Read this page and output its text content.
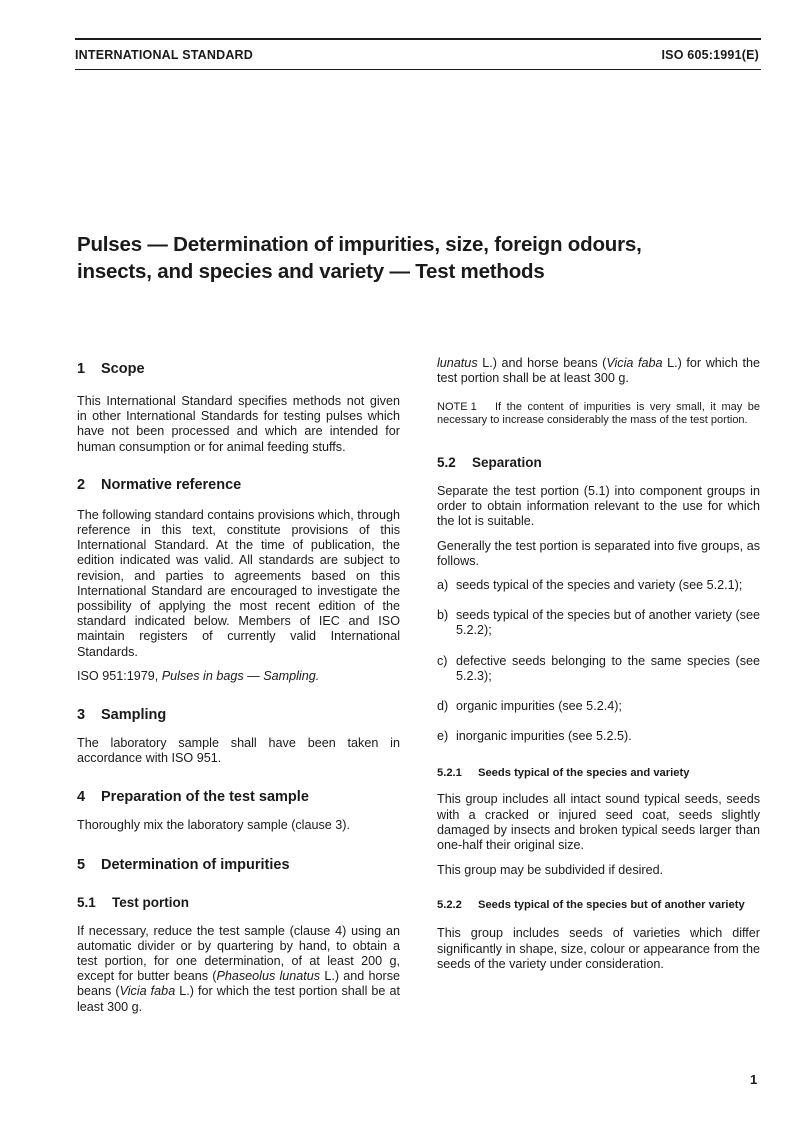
INTERNATIONAL STANDARD	ISO 605:1991(E)
Pulses — Determination of impurities, size, foreign odours,
insects, and species and variety — Test methods
1 Scope

This International Standard specifies methods not given in other International Standards for testing pulses which have not been processed and which are intended for human consumption or for animal feeding stuffs.

2 Normative reference

The following standard contains provisions which, through reference in this text, constitute provisions of this International Standard. At the time of publication, the edition indicated was valid. All standards are subject to revision, and parties to agreements based on this International Standard are encouraged to investigate the possibility of applying the most recent edition of the standard indicated below. Members of IEC and ISO maintain registers of currently valid International Standards.

ISO 951:1979, Pulses in bags — Sampling.

3 Sampling

The laboratory sample shall have been taken in accordance with ISO 951.

4 Preparation of the test sample

Thoroughly mix the laboratory sample (clause 3).

5 Determination of impurities
5.1 Test portion

If necessary, reduce the test sample (clause 4) using an automatic divider or by quartering by hand, to obtain a test portion, for one determination, of at least 200 g, except for butter beans (Phaseolus lunatus L.) and horse beans (Vicia faba L.) for which the test portion shall be at least 300 g.

lunatus L.) and horse beans (Vicia faba L.) for which the test portion shall be at least 300 g.

NOTE 1 If the content of impurities is very small, it may be necessary to increase considerably the mass of the test portion.
5.2 Separation

Separate the test portion (5.1) into component groups in order to obtain information relevant to the use for which the lot is suitable.

Generally the test portion is separated into five groups, as follows.

a) seeds typical of the species and variety (see 5.2.1);
b) seeds typical of the species but of another variety (see 5.2.2);
c) defective seeds belonging to the same species (see 5.2.3);
d) organic impurities (see 5.2.4);
e) inorganic impurities (see 5.2.5).
5.2.1 Seeds typical of the species and variety

This group includes all intact sound typical seeds, seeds with a cracked or injured seed coat, seeds slightly damaged by insects and broken typical seeds larger than one-half their original size.

This group may be subdivided if desired.

5.2.2	Seeds typical of the species but of another variety

This group includes seeds of varieties which differ significantly in shape, size, colour or appearance from the seeds of the variety under consideration.

1
